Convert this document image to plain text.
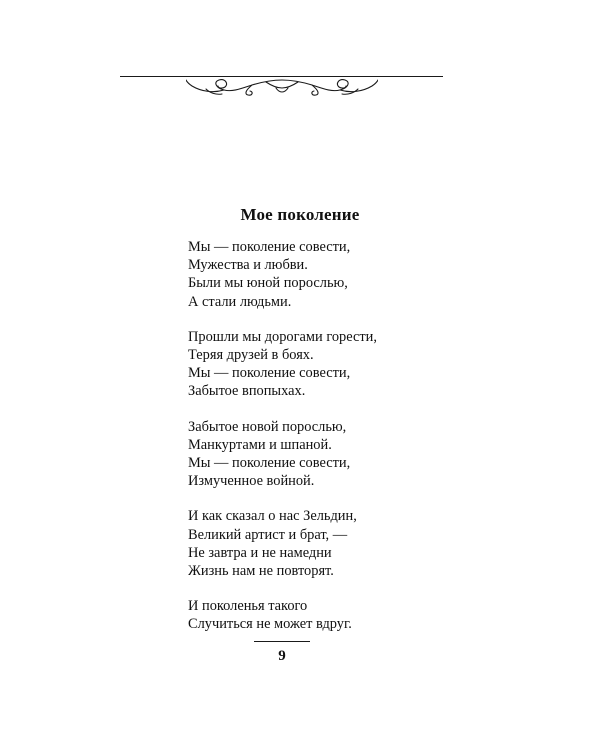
Мое поколение
Мы — поколение совести,
Мужества и любви.
Были мы юной порослью,
А стали людьми.
Прошли мы дорогами горести,
Теряя друзей в боях.
Мы — поколение совести,
Забытое впопыхах.
Забытое новой порослью,
Манкуртами и шпаной.
Мы — поколение совести,
Измученное войной.
И как сказал о нас Зельдин,
Великий артист и брат, —
Не завтра и не намедни
Жизнь нам не повторят.
И поколенья такого
Случиться не может вдруг.
9
